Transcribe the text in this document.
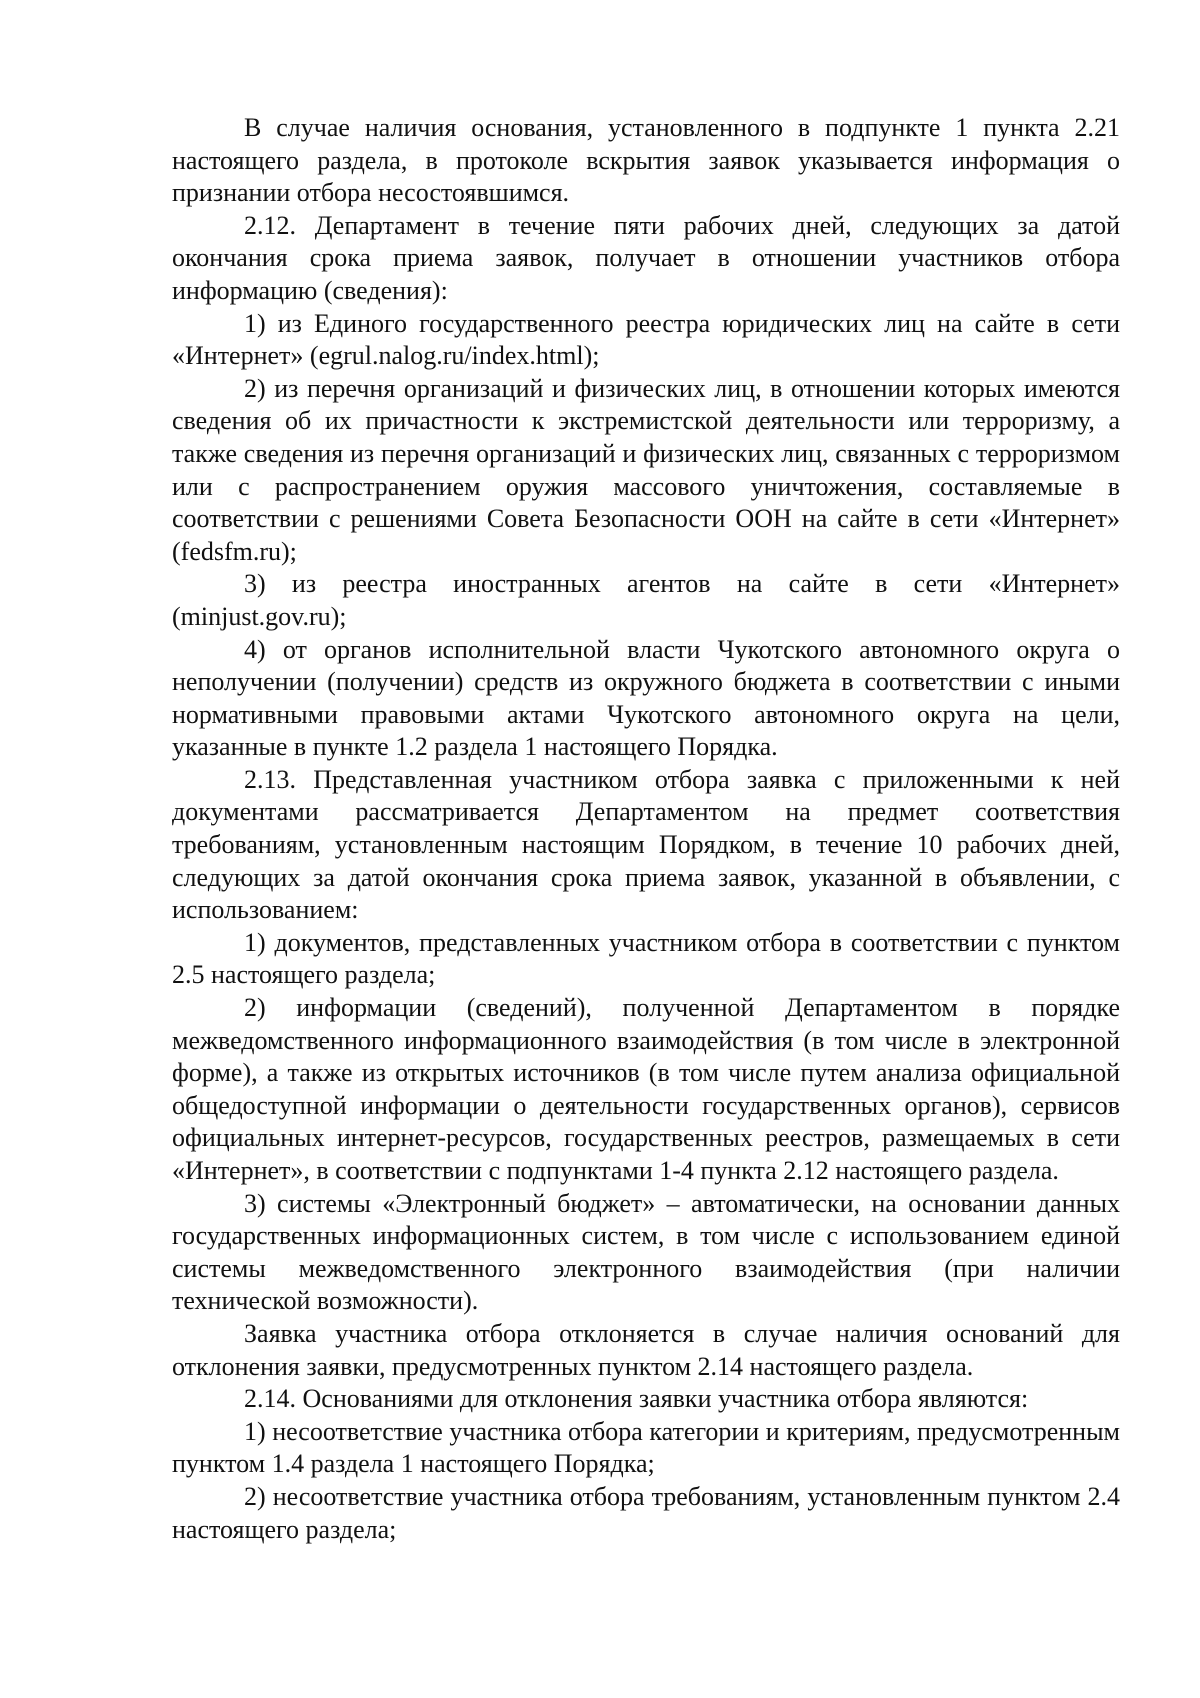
В случае наличия основания, установленного в подпункте 1 пункта 2.21 настоящего раздела, в протоколе вскрытия заявок указывается информация о признании отбора несостоявшимся.

2.12. Департамент в течение пяти рабочих дней, следующих за датой окончания срока приема заявок, получает в отношении участников отбора информацию (сведения):

1) из Единого государственного реестра юридических лиц на сайте в сети «Интернет» (egrul.nalog.ru/index.html);

2) из перечня организаций и физических лиц, в отношении которых имеются сведения об их причастности к экстремистской деятельности или терроризму, а также сведения из перечня организаций и физических лиц, связанных с терроризмом или с распространением оружия массового уничтожения, составляемые в соответствии с решениями Совета Безопасности ООН на сайте в сети «Интернет» (fedsfm.ru);

3) из реестра иностранных агентов на сайте в сети «Интернет» (minjust.gov.ru);

4) от органов исполнительной власти Чукотского автономного округа о неполучении (получении) средств из окружного бюджета в соответствии с иными нормативными правовыми актами Чукотского автономного округа на цели, указанные в пункте 1.2 раздела 1 настоящего Порядка.

2.13. Представленная участником отбора заявка с приложенными к ней документами рассматривается Департаментом на предмет соответствия требованиям, установленным настоящим Порядком, в течение 10 рабочих дней, следующих за датой окончания срока приема заявок, указанной в объявлении, с использованием:

1) документов, представленных участником отбора в соответствии с пунктом 2.5 настоящего раздела;

2) информации (сведений), полученной Департаментом в порядке межведомственного информационного взаимодействия (в том числе в электронной форме), а также из открытых источников (в том числе путем анализа официальной общедоступной информации о деятельности государственных органов), сервисов официальных интернет-ресурсов, государственных реестров, размещаемых в сети «Интернет», в соответствии с подпунктами 1-4 пункта 2.12 настоящего раздела.

3) системы «Электронный бюджет» – автоматически, на основании данных государственных информационных систем, в том числе с использованием единой системы межведомственного электронного взаимодействия (при наличии технической возможности).

Заявка участника отбора отклоняется в случае наличия оснований для отклонения заявки, предусмотренных пунктом 2.14 настоящего раздела.

2.14. Основаниями для отклонения заявки участника отбора являются:

1) несоответствие участника отбора категории и критериям, предусмотренным пунктом 1.4 раздела 1 настоящего Порядка;

2) несоответствие участника отбора требованиям, установленным пунктом 2.4 настоящего раздела;
